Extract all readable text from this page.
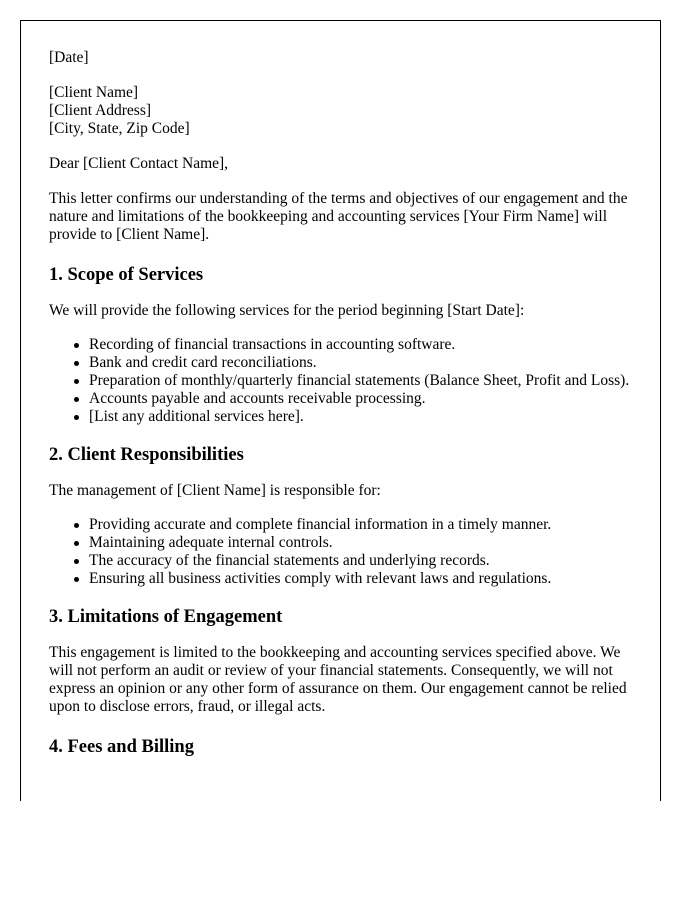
[Date]

[Client Name]

[Client Address]

[City, State, Zip Code]

Dear [Client Contact Name],

This letter confirms our understanding of the terms and objectives of our engagement and the nature and limitations of the bookkeeping and accounting services [Your Firm Name] will provide to [Client Name].

1. Scope of Services

We will provide the following services for the period beginning [Start Date]:

Recording of financial transactions in accounting software.
Bank and credit card reconciliations.
Preparation of monthly/quarterly financial statements (Balance Sheet, Profit and Loss).
Accounts payable and accounts receivable processing.
[List any additional services here].
2. Client Responsibilities

The management of [Client Name] is responsible for:

Providing accurate and complete financial information in a timely manner.
Maintaining adequate internal controls.
The accuracy of the financial statements and underlying records.
Ensuring all business activities comply with relevant laws and regulations.
3. Limitations of Engagement

This engagement is limited to the bookkeeping and accounting services specified above. We will not perform an audit or review of your financial statements. Consequently, we will not express an opinion or any other form of assurance on them. Our engagement cannot be relied upon to disclose errors, fraud, or illegal acts.

4. Fees and Billing
